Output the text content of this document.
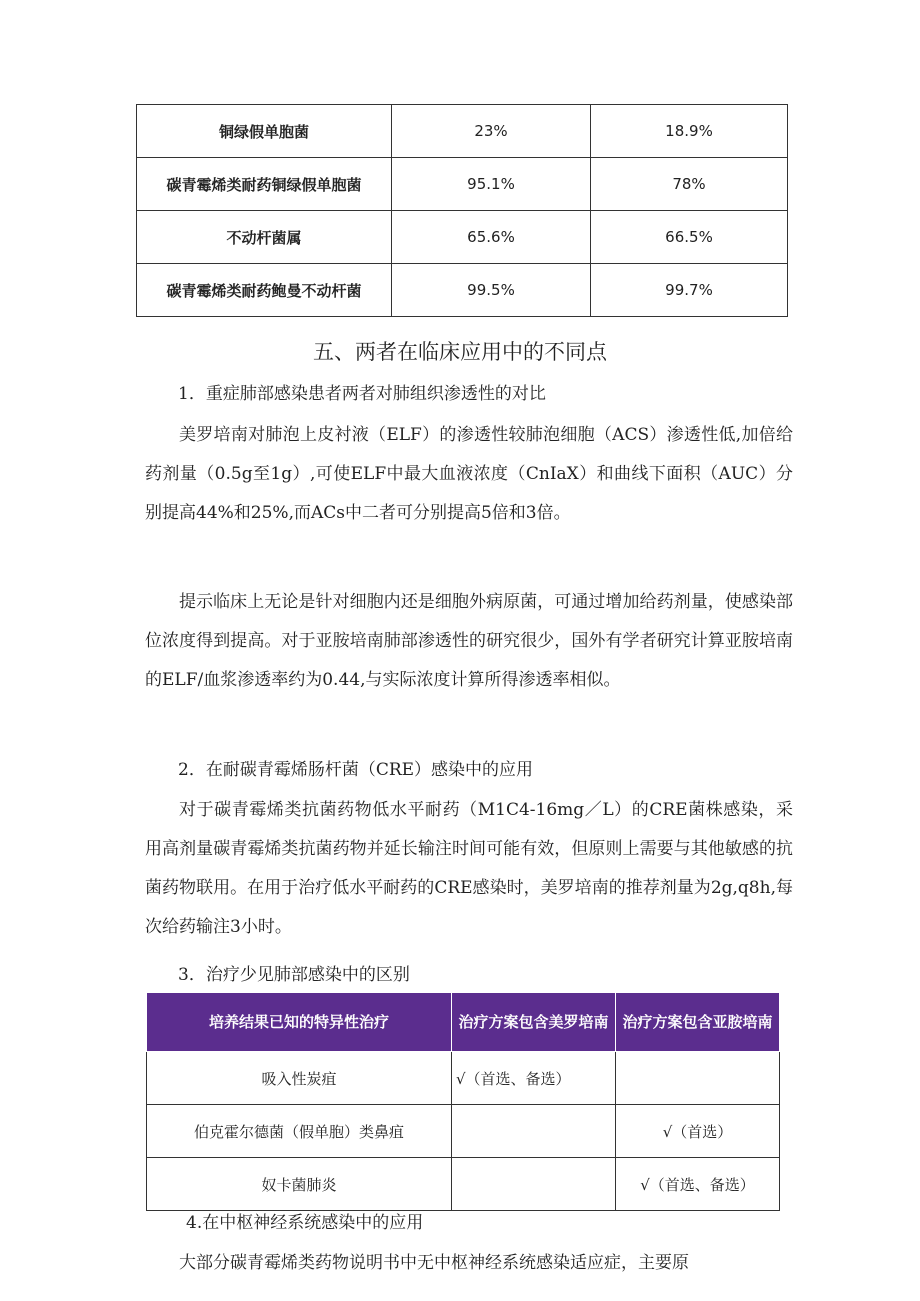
铜绿假单胞菌	23%	18.9%
碳青霉烯类耐药铜绿假单胞菌	95.1%	78%
不动杆菌属	65.6%	66.5%
碳青霉烯类耐药鲍曼不动杆菌	99.5%	99.7%
五、两者在临床应用中的不同点
1．重症肺部感染患者两者对肺组织渗透性的对比
美罗培南对肺泡上皮衬液（ELF）的渗透性较肺泡细胞（ACS）渗透性低,加倍给药剂量（0.5g至1g）,可使ELF中最大血液浓度（CnIaX）和曲线下面积（AUC）分别提高44%和25%,而ACs中二者可分别提高5倍和3倍。
提示临床上无论是针对细胞内还是细胞外病原菌，可通过增加给药剂量，使感染部位浓度得到提高。对于亚胺培南肺部渗透性的研究很少，国外有学者研究计算亚胺培南的ELF/血浆渗透率约为0.44,与实际浓度计算所得渗透率相似。
2．在耐碳青霉烯肠杆菌（CRE）感染中的应用
对于碳青霉烯类抗菌药物低水平耐药（M1C4-16mg／L）的CRE菌株感染，采用高剂量碳青霉烯类抗菌药物并延长输注时间可能有效，但原则上需要与其他敏感的抗菌药物联用。在用于治疗低水平耐药的CRE感染时，美罗培南的推荐剂量为2g,q8h,每次给药输注3小时。
3．治疗少见肺部感染中的区别
培养结果已知的特异性治疗	治疗方案包含美罗培南	治疗方案包含亚胺培南
吸入性炭疽	√（首选、备选）	
伯克霍尔德菌（假单胞）类鼻疽		√（首选）
奴卡菌肺炎		√（首选、备选）
4.在中枢神经系统感染中的应用
大部分碳青霉烯类药物说明书中无中枢神经系统感染适应症，主要原
